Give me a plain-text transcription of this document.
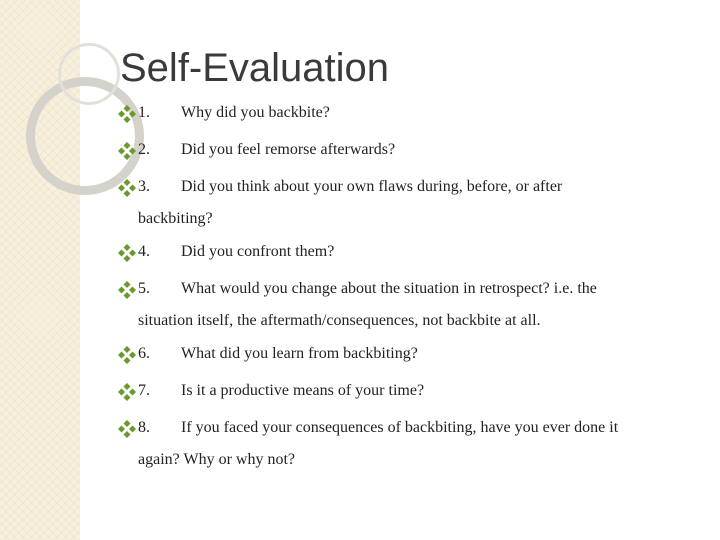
Self-Evaluation
1. Why did you backbite?
2. Did you feel remorse afterwards?
3. Did you think about your own flaws during, before, or after
backbiting?
4. Did you confront them?
5. What would you change about the situation in retrospect? i.e. the
situation itself, the aftermath/consequences, not backbite at all.
6. What did you learn from backbiting?
7. Is it a productive means of your time?
8. If you faced your consequences of backbiting, have you ever done it
again? Why or why not?
